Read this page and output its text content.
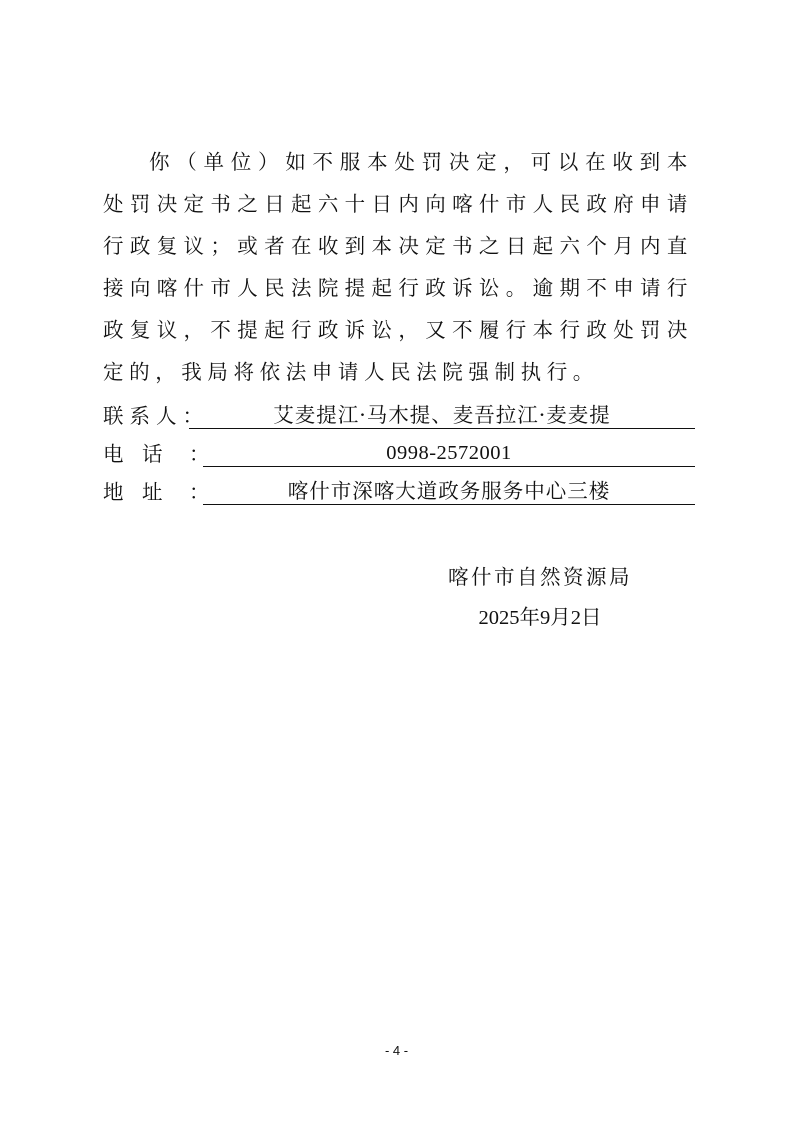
你（单位）如不服本处罚决定，可以在收到本处罚决定书之日起六十日内向喀什市人民政府申请行政复议；或者在收到本决定书之日起六个月内直接向喀什市人民法院提起行政诉讼。逾期不申请行政复议，不提起行政诉讼，又不履行本行政处罚决定的，我局将依法申请人民法院强制执行。

联系人：	艾麦提江·马木提、麦吾拉江·麦麦提
电 话 ：	0998-2572001
地 址 ：	喀什市深喀大道政务服务中心三楼
喀什市自然资源局
2025年9月2日
- 4 -
